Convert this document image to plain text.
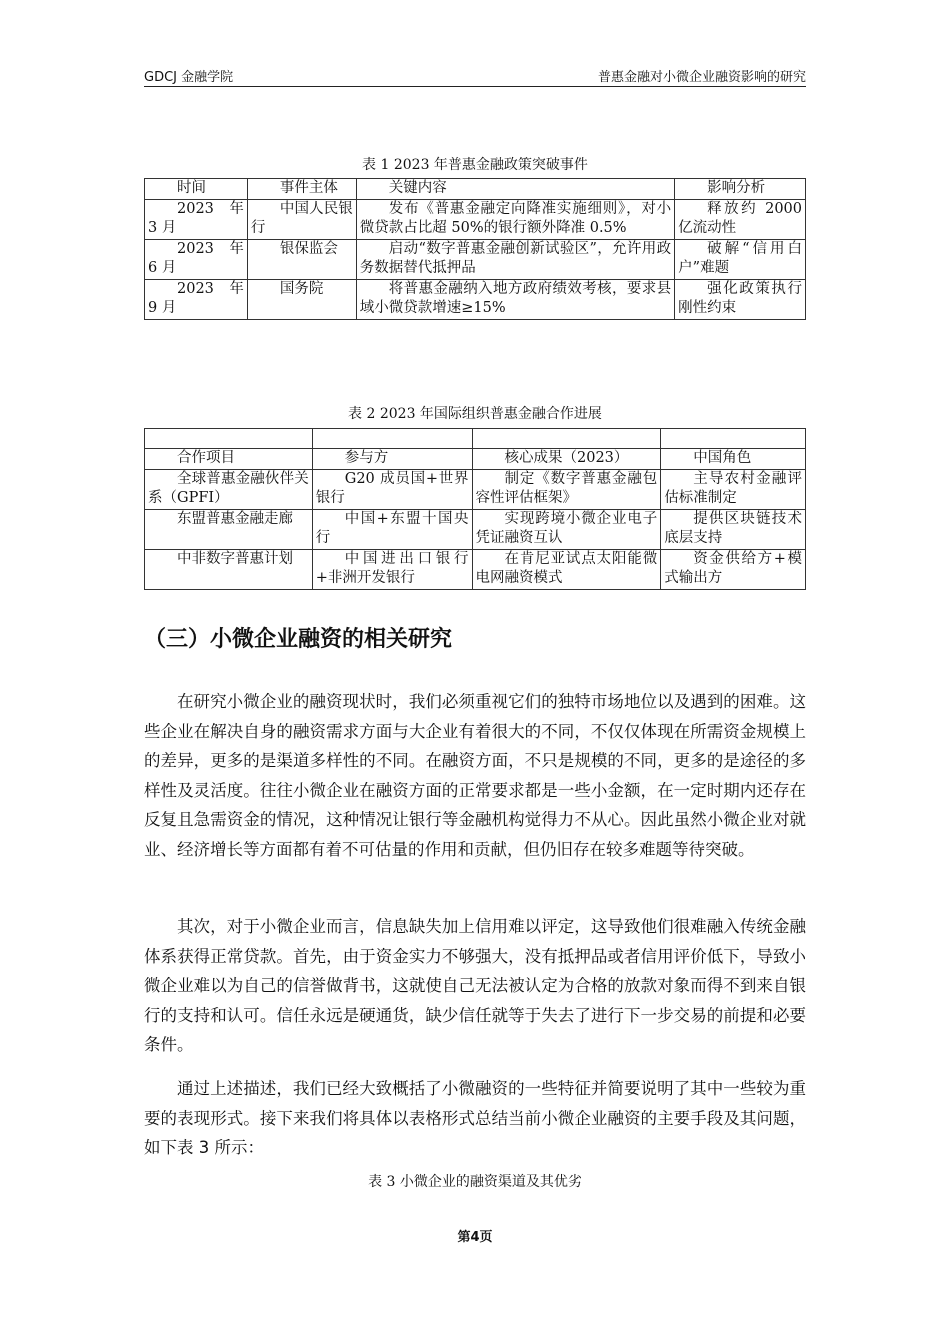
GDCJ 金融学院	普惠金融对小微企业融资影响的研究
表 1 2023 年普惠金融政策突破事件
时间	事件主体	关键内容	影响分析
2023 年 3 月	中国人民银行	发布《普惠金融定向降准实施细则》，对小微贷款占比超 50%的银行额外降准 0.5%	释放约 2000 亿流动性
2023 年 6 月	银保监会	启动“数字普惠金融创新试验区”，允许用政务数据替代抵押品	破解“信用白户”难题
2023 年 9 月	国务院	将普惠金融纳入地方政府绩效考核，要求县域小微贷款增速≥15%	强化政策执行刚性约束
表 2 2023 年国际组织普惠金融合作进展

合作项目	参与方	核心成果（2023）	中国角色
全球普惠金融伙伴关系（GPFI）	G20 成员国+世界银行	制定《数字普惠金融包容性评估框架》	主导农村金融评估标准制定
东盟普惠金融走廊	中国+东盟十国央行	实现跨境小微企业电子凭证融资互认	提供区块链技术底层支持
中非数字普惠计划	中国进出口银行+非洲开发银行	在肯尼亚试点太阳能微电网融资模式	资金供给方+模式输出方
（三）小微企业融资的相关研究
在研究小微企业的融资现状时，我们必须重视它们的独特市场地位以及遇到的困难。这些企业在解决自身的融资需求方面与大企业有着很大的不同，不仅仅体现在所需资金规模上的差异，更多的是渠道多样性的不同。在融资方面，不只是规模的不同，更多的是途径的多样性及灵活度。往往小微企业在融资方面的正常要求都是一些小金额，在一定时期内还存在反复且急需资金的情况，这种情况让银行等金融机构觉得力不从心。因此虽然小微企业对就业、经济增长等方面都有着不可估量的作用和贡献，但仍旧存在较多难题等待突破。
其次，对于小微企业而言，信息缺失加上信用难以评定，这导致他们很难融入传统金融体系获得正常贷款。首先，由于资金实力不够强大，没有抵押品或者信用评价低下，导致小微企业难以为自己的信誉做背书，这就使自己无法被认定为合格的放款对象而得不到来自银行的支持和认可。信任永远是硬通货，缺少信任就等于失去了进行下一步交易的前提和必要条件。
通过上述描述，我们已经大致概括了小微融资的一些特征并简要说明了其中一些较为重要的表现形式。接下来我们将具体以表格形式总结当前小微企业融资的主要手段及其问题，如下表 3 所示：
表 3 小微企业的融资渠道及其优劣
第4页
